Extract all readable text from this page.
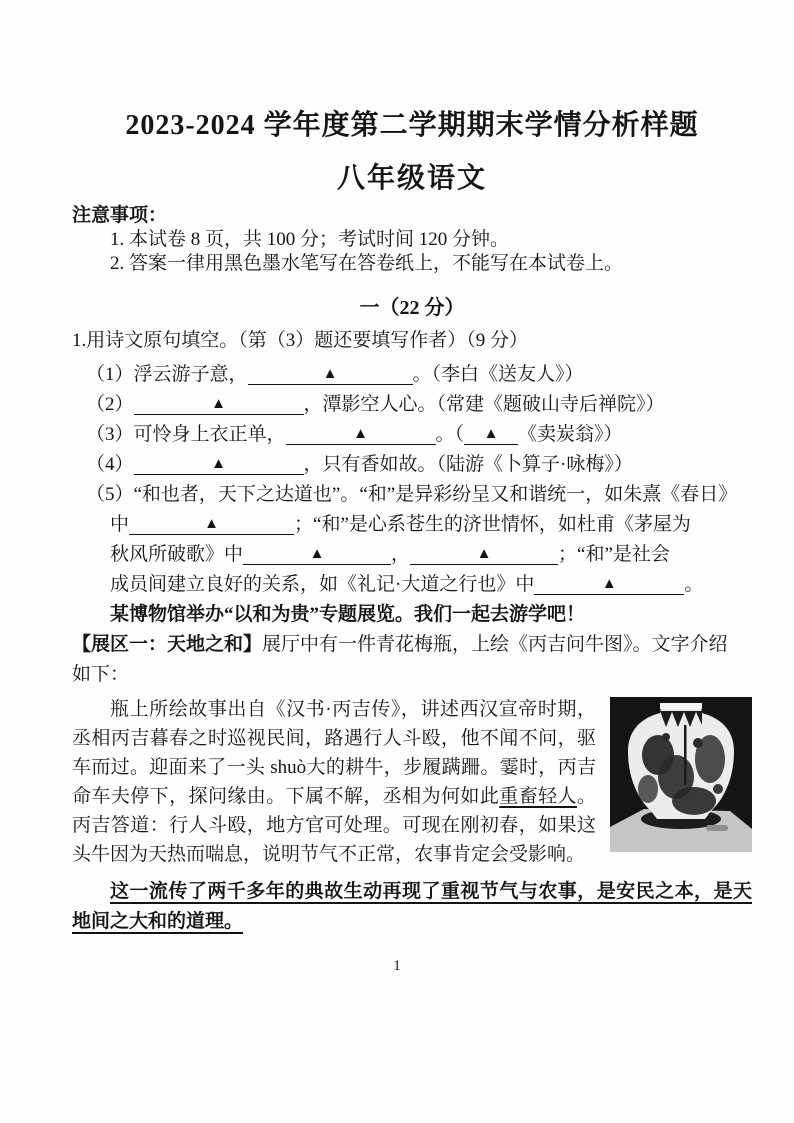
2023-2024 学年度第二学期期末学情分析样题
八年级语文
注意事项：
1. 本试卷 8 页，共 100 分；考试时间 120 分钟。
2. 答案一律用黑色墨水笔写在答卷纸上，不能写在本试卷上。
一（22 分）
1.用诗文原句填空。（第（3）题还要填写作者）（9 分）
（1）浮云游子意，	▲	。（李白《送友人》）
（2）	▲	，潭影空人心。（常建《题破山寺后禅院》）
（3）可怜身上衣正单，	▲	。（ ▲ 《卖炭翁》）
（4）	▲	，只有香如故。（陆游《卜算子·咏梅》）
（5）“和也者，天下之达道也”。“和”是异彩纷呈又和谐统一，如朱熹《春日》
中	▲	；“和”是心系苍生的济世情怀，如杜甫《茅屋为
秋风所破歌》中	▲	，	▲	；“和”是社会
成员间建立良好的关系，如《礼记·大道之行也》中	▲	。
某博物馆举办“以和为贵”专题展览。我们一起去游学吧！
【展区一：天地之和】展厅中有一件青花梅瓶，上绘《丙吉问牛图》。文字介绍
如下：

瓶上所绘故事出自《汉书·丙吉传》，讲述西汉宣帝时期，丞相丙吉暮春之时巡视民间，路遇行人斗殴，他不闻不问，驱车而过。迎面来了一头 shuò大的耕牛，步履蹒跚。霎时，丙吉命车夫停下，探问缘由。下属不解，丞相为何如此重畜轻人。丙吉答道：行人斗殴，地方官可处理。可现在刚初春，如果这头牛因为天热而喘息，说明节气不正常，农事肯定会受影响。

这一流传了两千多年的典故生动再现了重视节气与农事，是安民之本，是天地间之大和的道理。

1
